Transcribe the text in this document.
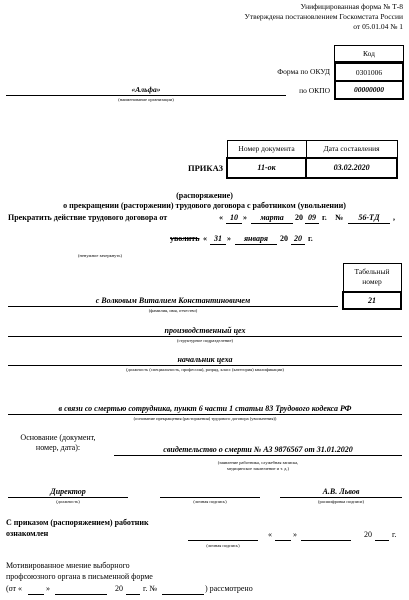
Унифицированная форма № Т-8
Утверждена постановлением Госкомстата России
от 05.01.04 № 1
Код
Форма по ОКУД	0301006
по ОКПО	00000000
«Альфа»
(наименование организации)
Номер документа	Дата составления
11-ок	03.02.2020
ПРИКАЗ
(распоряжение)
о прекращении (расторжении) трудового договора с работником (увольнении)
Прекратить действие трудового договора от	« 10 »	марта	20 09 г. №	56-ТД	,
уволить « 31 »	января	20 20 г.
(ненужное зачеркнуть)
Табельный
номер
21
с Волковым Виталием Константиновичем
(фамилия, имя, отчество)
производственный цех
(структурное подразделение)
начальник цеха
(должность (специальность, профессия), разряд, класс (категория) квалификации)
в связи со смертью сотрудника, пункт 6 части 1 статьи 83 Трудового кодекса РФ
(основание прекращения (расторжения) трудового договора (увольнения))
Основание (документ,
номер, дата):	свидетельство о смерти № АЗ 9876567 от 31.01.2020
(заявление работника, служебная записка,
медицинское заключение и т. д.)
Директор
(должность)	(личная подпись)
А.В. Львов
(расшифровка подписи)
С приказом (распоряжением) работник
ознакомлен
(личная подпись)
«	»	20	г.
Мотивированное мнение выборного
профсоюзного органа в письменной форме
(от «	»	20	г. №	) рассмотрено
